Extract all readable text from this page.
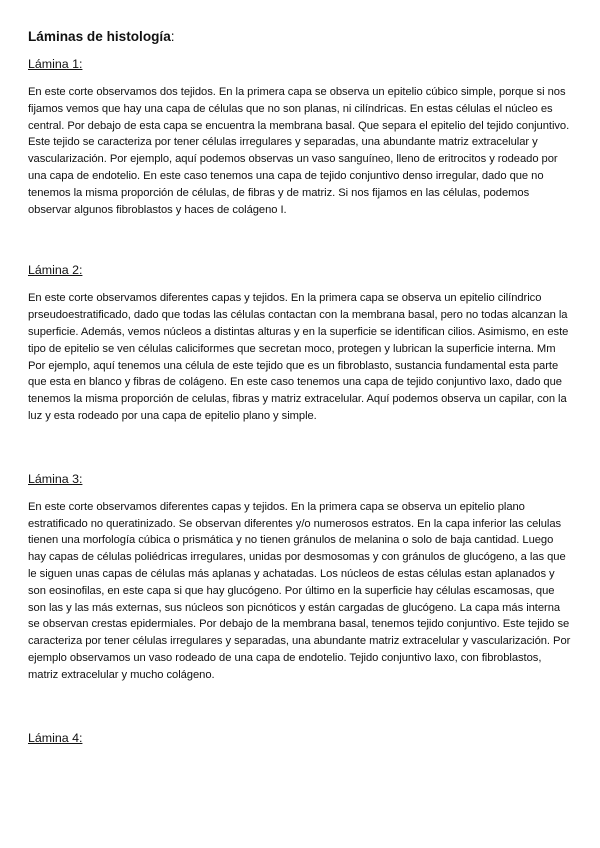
Láminas de histología:
Lámina 1:

En este corte observamos dos tejidos. En la primera capa se observa un epitelio cúbico simple, porque si nos fijamos vemos que hay una capa de células que no son planas, ni cilíndricas. En estas células el núcleo es central. Por debajo de esta capa se encuentra la membrana basal. Que separa el epitelio del tejido conjuntivo. Este tejido se caracteriza por tener células irregulares y separadas, una abundante matriz extracelular y vascularización. Por ejemplo, aquí podemos observas un vaso sanguíneo, lleno de eritrocitos y rodeado por una capa de endotelio. En este caso tenemos una capa de tejido conjuntivo denso irregular, dado que no tenemos la misma proporción de células, de fibras y de matriz. Si nos fijamos en las células, podemos observar algunos fibroblastos y haces de colágeno I.

Lámina 2:

En este corte observamos diferentes capas y tejidos. En la primera capa se observa un epitelio cilíndrico prseudoestratificado, dado que todas las células contactan con la membrana basal, pero no todas alcanzan la superficie. Además, vemos núcleos a distintas alturas y en la superficie se identifican cilios. Asimismo, en este tipo de epitelio se ven células caliciformes que secretan moco, protegen y lubrican la superficie interna. Mm Por ejemplo, aquí tenemos una célula de este tejido que es un fibroblasto, sustancia fundamental esta parte que esta en blanco y fibras de colágeno. En este caso tenemos una capa de tejido conjuntivo laxo, dado que tenemos la misma proporción de celulas, fibras y matriz extracelular. Aquí podemos observa un capilar, con la luz y esta rodeado por una capa de epitelio plano y simple.

Lámina 3:

En este corte observamos diferentes capas y tejidos. En la primera capa se observa un epitelio plano estratificado no queratinizado. Se observan diferentes y/o numerosos estratos. En la capa inferior las celulas tienen una morfología cúbica o prismática y no tienen gránulos de melanina o solo de baja cantidad. Luego hay capas de células poliédricas irregulares, unidas por desmosomas y con gránulos de glucógeno, a las que le siguen unas capas de células más aplanas y achatadas. Los núcleos de estas células estan aplanados y son eosinofilas, en este capa si que hay glucógeno. Por último en la superficie hay células escamosas, que son las y las más externas, sus núcleos son picnóticos y están cargadas de glucógeno. La capa más interna se observan crestas epidermiales. Por debajo de la membrana basal, tenemos tejido conjuntivo. Este tejido se caracteriza por tener células irregulares y separadas, una abundante matriz extracelular y vascularización. Por ejemplo observamos un vaso rodeado de una capa de endotelio. Tejido conjuntivo laxo, con fibroblastos, matriz extracelular y mucho colágeno.

Lámina 4:
